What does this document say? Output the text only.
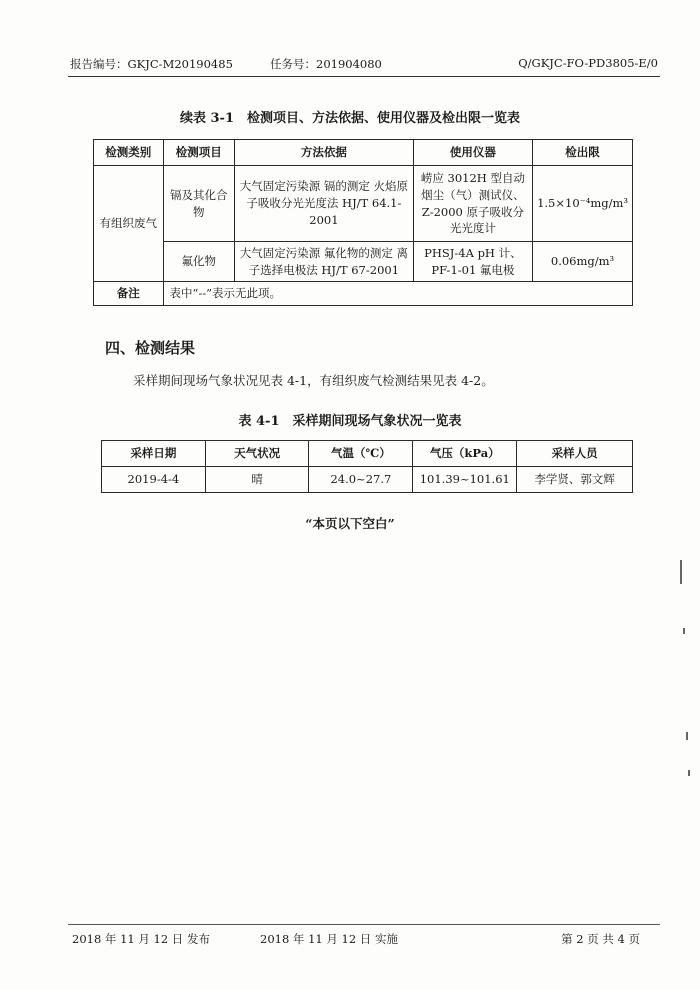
报告编号：GKJC-M20190485	任务号：201904080	Q/GKJC-FO-PD3805-E/0
续表 3-1　检测项目、方法依据、使用仪器及检出限一览表
检测类别	检测项目	方法依据	使用仪器	检出限
有组织废气	镉及其化合物	大气固定污染源 镉的测定 火焰原子吸收分光光度法 HJ/T 64.1-2001	崂应 3012H 型自动烟尘（气）测试仪、Z-2000 原子吸收分光光度计	1.5×10⁻⁴mg/m³
	氟化物	大气固定污染源 氟化物的测定 离子选择电极法 HJ/T 67-2001	PHSJ-4A pH 计、PF-1-01 氟电极	0.06mg/m³
备注	表中“--”表示无此项。			
四、检测结果
采样期间现场气象状况见表 4-1，有组织废气检测结果见表 4-2。
表 4-1　采样期间现场气象状况一览表
采样日期	天气状况	气温（℃）	气压（kPa）	采样人员
2019-4-4	晴	24.0~27.7	101.39~101.61	李学贤、郭文辉
“本页以下空白”
2018 年 11 月 12 日 发布	2018 年 11 月 12 日 实施	第 2 页 共 4 页
